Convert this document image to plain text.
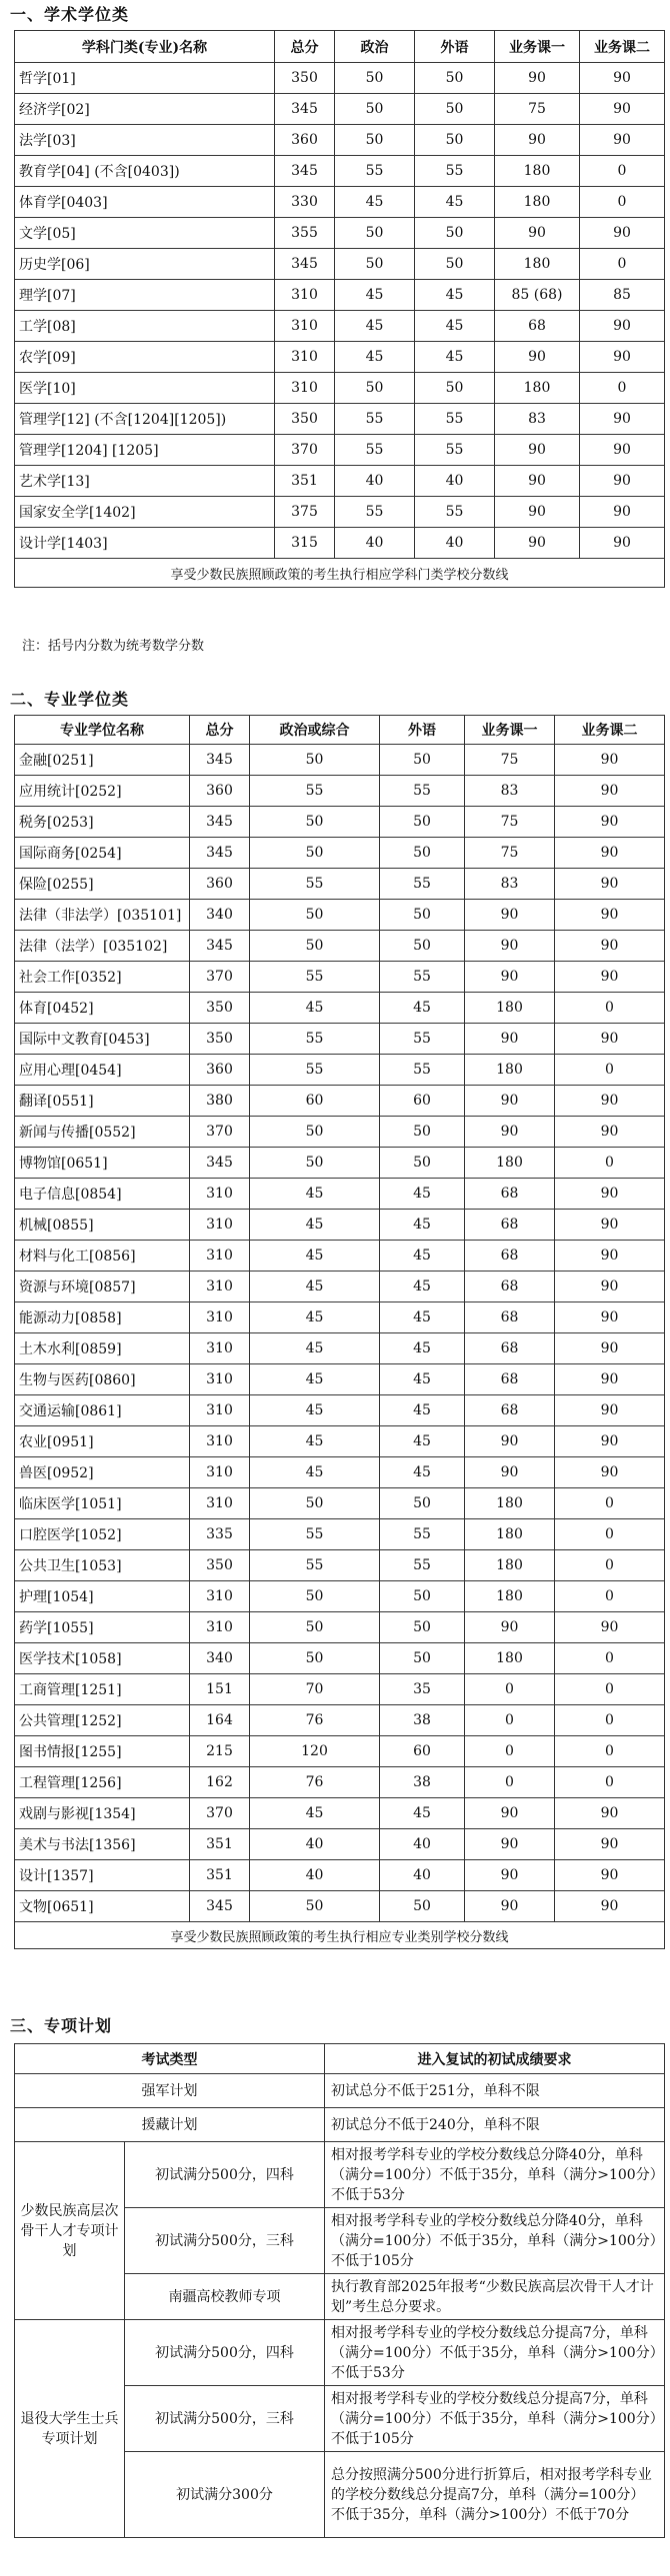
一、学术学位类
学科门类(专业)名称	总分	政治	外语	业务课一	业务课二
哲学[01]	350	50	50	90	90
经济学[02]	345	50	50	75	90
法学[03]	360	50	50	90	90
教育学[04] (不含[0403])	345	55	55	180	0
体育学[0403]	330	45	45	180	0
文学[05]	355	50	50	90	90
历史学[06]	345	50	50	180	0
理学[07]	310	45	45	85 (68)	85
工学[08]	310	45	45	68	90
农学[09]	310	45	45	90	90
医学[10]	310	50	50	180	0
管理学[12] (不含[1204][1205])	350	55	55	83	90
管理学[1204] [1205]	370	55	55	90	90
艺术学[13]	351	40	40	90	90
国家安全学[1402]	375	55	55	90	90
设计学[1403]	315	40	40	90	90
享受少数民族照顾政策的考生执行相应学科门类学校分数线					
注：括号内分数为统考数学分数
二、专业学位类
专业学位名称	总分	政治或综合	外语	业务课一	业务课二
金融[0251]	345	50	50	75	90
应用统计[0252]	360	55	55	83	90
税务[0253]	345	50	50	75	90
国际商务[0254]	345	50	50	75	90
保险[0255]	360	55	55	83	90
法律（非法学）[035101]	340	50	50	90	90
法律（法学）[035102]	345	50	50	90	90
社会工作[0352]	370	55	55	90	90
体育[0452]	350	45	45	180	0
国际中文教育[0453]	350	55	55	90	90
应用心理[0454]	360	55	55	180	0
翻译[0551]	380	60	60	90	90
新闻与传播[0552]	370	50	50	90	90
博物馆[0651]	345	50	50	180	0
电子信息[0854]	310	45	45	68	90
机械[0855]	310	45	45	68	90
材料与化工[0856]	310	45	45	68	90
资源与环境[0857]	310	45	45	68	90
能源动力[0858]	310	45	45	68	90
土木水利[0859]	310	45	45	68	90
生物与医药[0860]	310	45	45	68	90
交通运输[0861]	310	45	45	68	90
农业[0951]	310	45	45	90	90
兽医[0952]	310	45	45	90	90
临床医学[1051]	310	50	50	180	0
口腔医学[1052]	335	55	55	180	0
公共卫生[1053]	350	55	55	180	0
护理[1054]	310	50	50	180	0
药学[1055]	310	50	50	90	90
医学技术[1058]	340	50	50	180	0
工商管理[1251]	151	70	35	0	0
公共管理[1252]	164	76	38	0	0
图书情报[1255]	215	120	60	0	0
工程管理[1256]	162	76	38	0	0
戏剧与影视[1354]	370	45	45	90	90
美术与书法[1356]	351	40	40	90	90
设计[1357]	351	40	40	90	90
文物[0651]	345	50	50	90	90
享受少数民族照顾政策的考生执行相应专业类别学校分数线					
三、专项计划
考试类型		进入复试的初试成绩要求
强军计划		初试总分不低于251分，单科不限
援藏计划		初试总分不低于240分，单科不限
少数民族高层次骨干人才专项计划	初试满分500分，四科	相对报考学科专业的学校分数线总分降40分，单科（满分=100分）不低于35分，单科（满分>100分）不低于53分
	初试满分500分，三科	相对报考学科专业的学校分数线总分降40分，单科（满分=100分）不低于35分，单科（满分>100分）不低于105分
	南疆高校教师专项	执行教育部2025年报考“少数民族高层次骨干人才计划”考生总分要求。
退役大学生士兵专项计划	初试满分500分，四科	相对报考学科专业的学校分数线总分提高7分，单科（满分=100分）不低于35分，单科（满分>100分）不低于53分
	初试满分500分，三科	相对报考学科专业的学校分数线总分提高7分，单科（满分=100分）不低于35分，单科（满分>100分）不低于105分
	初试满分300分	总分按照满分500分进行折算后，相对报考学科专业的学校分数线总分提高7分，单科（满分=100分）不低于35分，单科（满分>100分）不低于70分
